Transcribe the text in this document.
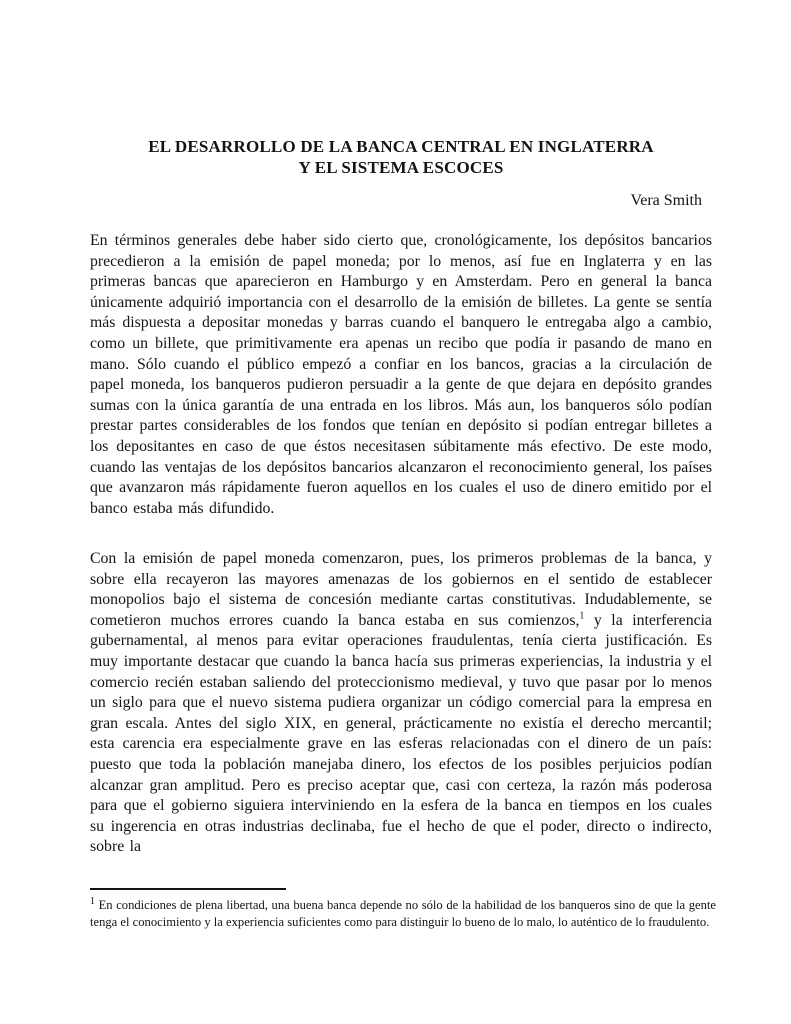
EL DESARROLLO DE LA BANCA CENTRAL EN INGLATERRA
Y EL SISTEMA ESCOCES
Vera Smith

En términos generales debe haber sido cierto que, cronológicamente, los depósitos bancarios precedieron a la emisión de papel moneda; por lo menos, así fue en Inglaterra y en las primeras bancas que aparecieron en Hamburgo y en Amsterdam. Pero en general la banca únicamente adquirió importancia con el desarrollo de la emisión de billetes. La gente se sentía más dispuesta a depositar monedas y barras cuando el banquero le entregaba algo a cambio, como un billete, que primitivamente era apenas un recibo que podía ir pasando de mano en mano. Sólo cuando el público empezó a confiar en los bancos, gracias a la circulación de papel moneda, los banqueros pudieron persuadir a la gente de que dejara en depósito grandes sumas con la única garantía de una entrada en los libros. Más aun, los banqueros sólo podían prestar partes considerables de los fondos que tenían en depósito si podían entregar billetes a los depositantes en caso de que éstos necesitasen súbitamente más efectivo. De este modo, cuando las ventajas de los depósitos bancarios alcanzaron el reconocimiento general, los países que avanzaron más rápidamente fueron aquellos en los cuales el uso de dinero emitido por el banco estaba más difundido.

Con la emisión de papel moneda comenzaron, pues, los primeros problemas de la banca, y sobre ella recayeron las mayores amenazas de los gobiernos en el sentido de establecer monopolios bajo el sistema de concesión mediante cartas constitutivas. Indudablemente, se cometieron muchos errores cuando la banca estaba en sus comienzos,$^1$ y la interferencia gubernamental, al menos para evitar operaciones fraudulentas, tenía cierta justificación. Es muy importante destacar que cuando la banca hacía sus primeras experiencias, la industria y el comercio recién estaban saliendo del proteccionismo medieval, y tuvo que pasar por lo menos un siglo para que el nuevo sistema pudiera organizar un código comercial para la empresa en gran escala. Antes del siglo XIX, en general, prácticamente no existía el derecho mercantil; esta carencia era especialmente grave en las esferas relacionadas con el dinero de un país: puesto que toda la población manejaba dinero, los efectos de los posibles perjuicios podían alcanzar gran amplitud. Pero es preciso aceptar que, casi con certeza, la razón más poderosa para que el gobierno siguiera interviniendo en la esfera de la banca en tiempos en los cuales su ingerencia en otras industrias declinaba, fue el hecho de que el poder, directo o indirecto, sobre la

$^1$ En condiciones de plena libertad, una buena banca depende no sólo de la habilidad de los banqueros sino de que la gente tenga el conocimiento y la experiencia suficientes como para distinguir lo bueno de lo malo, lo auténtico de lo fraudulento.
